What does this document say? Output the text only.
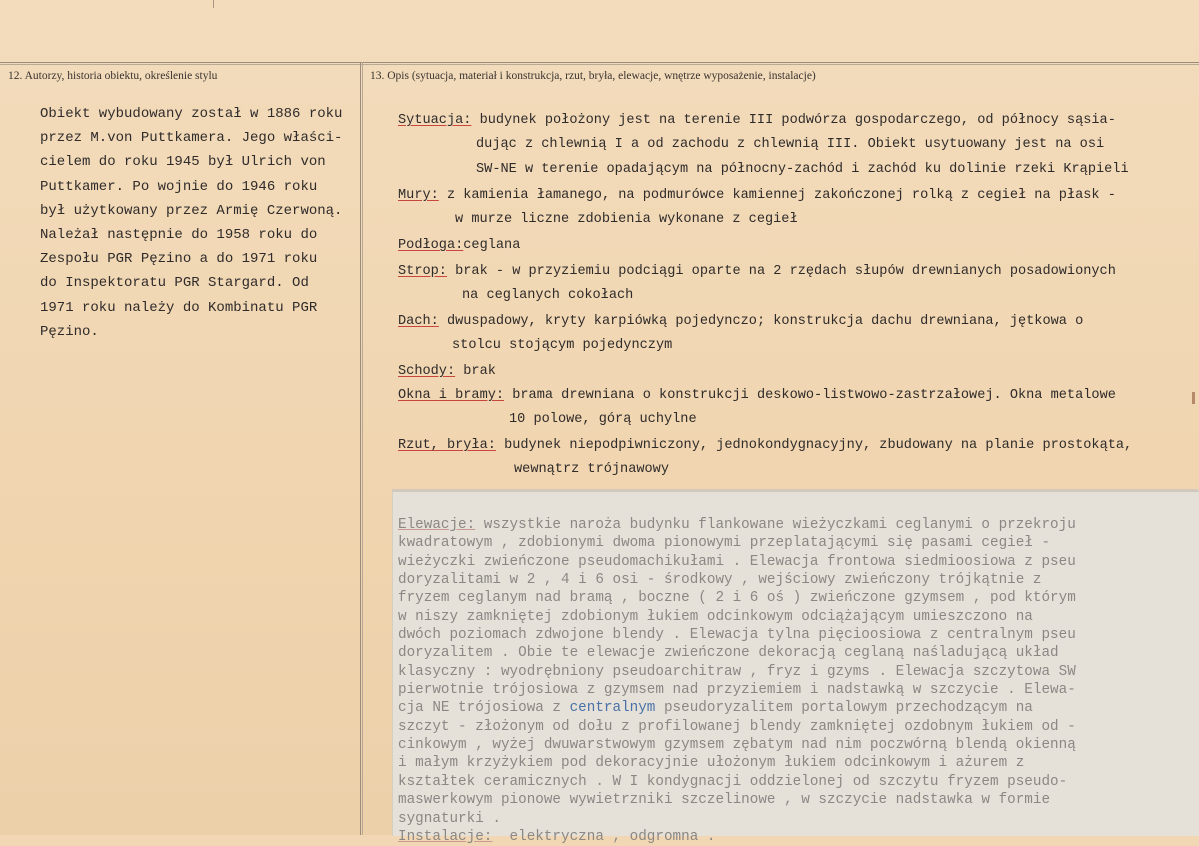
12. Autorzy, historia obiektu, określenie stylu
Obiekt wybudowany został w 1886 roku
przez M.von Puttkamera. Jego właści-
cielem do roku 1945 był Ulrich von
Puttkamer. Po wojnie do 1946 roku
był użytkowany przez Armię Czerwoną.
Należał następnie do 1958 roku do
Zespołu PGR Pęzino a do 1971 roku
do Inspektoratu PGR Stargard. Od
1971 roku należy do Kombinatu PGR
Pęzino.
13. Opis (sytuacja, materiał i konstrukcja, rzut, bryła, elewacje, wnętrze wyposażenie, instalacje)
Sytuacja: budynek położony jest na terenie III podwórza gospodarczego, od północy sąsia-
dując z chlewnią I a od zachodu z chlewnią III. Obiekt usytuowany jest na osi
SW-NE w terenie opadającym na północny-zachód i zachód ku dolinie rzeki Krąpieli
Mury: z kamienia łamanego, na podmurówce kamiennej zakończonej rolką z cegieł na płask -
w murze liczne zdobienia wykonane z cegieł
Podłoga:ceglana
Strop: brak - w przyziemiu podciągi oparte na 2 rzędach słupów drewnianych posadowionych
na ceglanych cokołach
Dach: dwuspadowy, kryty karpiówką pojedynczo; konstrukcja dachu drewniana, jętkowa o
stolcu stojącym pojedynczym
Schody: brak
Okna i bramy: brama drewniana o konstrukcji deskowo-listwowo-zastrzałowej. Okna metalowe
10 polowe, górą uchylne
Rzut, bryła: budynek niepodpiwniczony, jednokondygnacyjny, zbudowany na planie prostokąta,
wewnątrz trójnawowy
Elewacje: wszystkie naroża budynku flankowane wieżyczkami ceglanymi o przekroju
kwadratowym , zdobionymi dwoma pionowymi przeplatającymi się pasami cegieł -
wieżyczki zwieńczone pseudomachikułami . Elewacja frontowa siedmioosiowa z pseu
doryzalitami w 2 , 4 i 6 osi - środkowy , wejściowy zwieńczony trójkątnie z
fryzem ceglanym nad bramą , boczne ( 2 i 6 oś ) zwieńczone gzymsem , pod którym
w niszy zamkniętej zdobionym łukiem odcinkowym odciążającym umieszczono na
dwóch poziomach zdwojone blendy . Elewacja tylna pięcioosiowa z centralnym pseu
doryzalitem . Obie te elewacje zwieńczone dekoracją ceglaną naśladującą układ
klasyczny : wyodrębniony pseudoarchitraw , fryz i gzyms . Elewacja szczytowa SW
pierwotnie trójosiowa z gzymsem nad przyziemiem i nadstawką w szczycie . Elewa-
cja NE trójosiowa z centralnym pseudoryzalitem portalowym przechodzącym na
szczyt - złożonym od dołu z profilowanej blendy zamkniętej ozdobnym łukiem od -
cinkowym , wyżej dwuwarstwowym gzymsem zębatym nad nim poczwórną blendą okienną
i małym krzyżykiem pod dekoracyjnie ułożonym łukiem odcinkowym i ażurem z
kształtek ceramicznych . W I kondygnacji oddzielonej od szczytu fryzem pseudo-
maswerkowym pionowe wywietrzniki szczelinowe , w szczycie nadstawka w formie
sygnaturki .
Instalacje:  elektryczna , odgromna .
